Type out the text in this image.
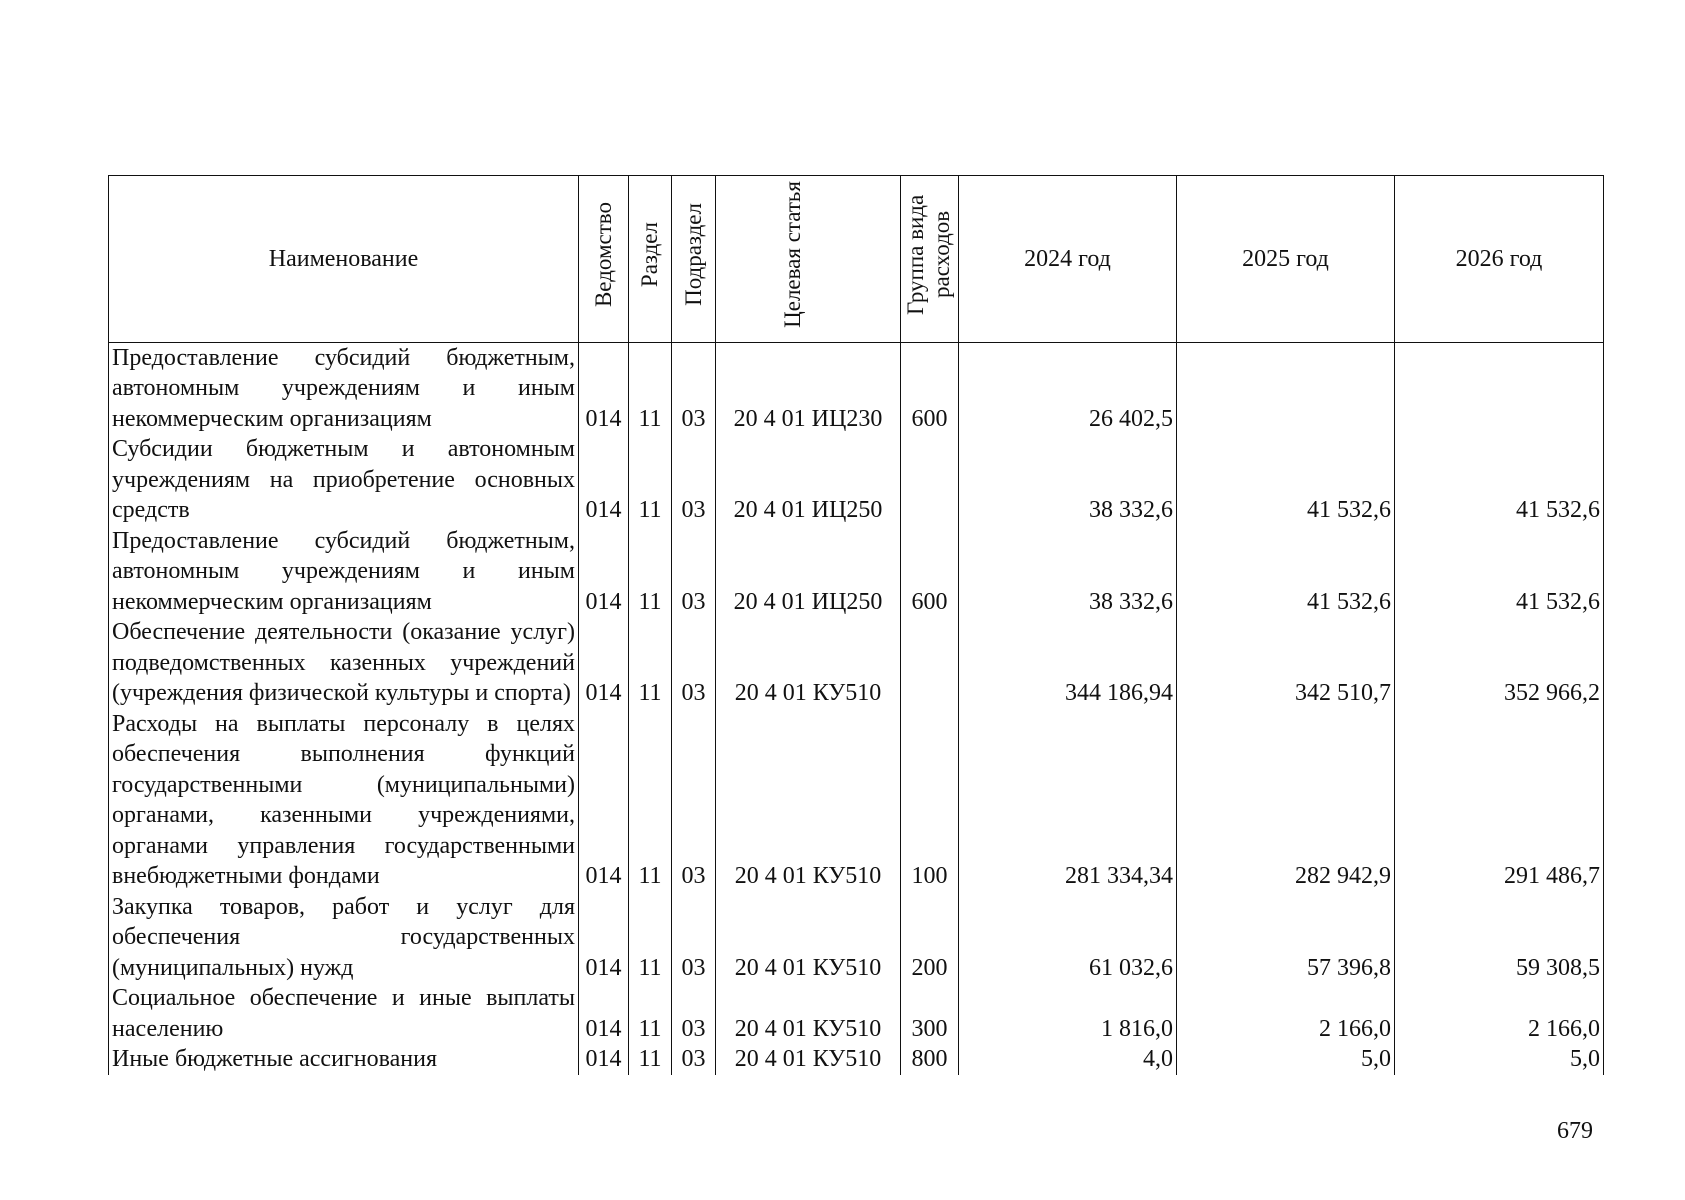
Наименование	Ведомство	Раздел	Подраздел	Целевая статья	Группа вида расходов	2024 год	2025 год	2026 год
Предоставление субсидий бюджетным, автономным учреждениям и иным некоммерческим организациям	014	11	03	20 4 01 ИЦ230	600	26 402,5		
Субсидии бюджетным и автономным учреждениям на приобретение основных средств	014	11	03	20 4 01 ИЦ250		38 332,6	41 532,6	41 532,6
Предоставление субсидий бюджетным, автономным учреждениям и иным некоммерческим организациям	014	11	03	20 4 01 ИЦ250	600	38 332,6	41 532,6	41 532,6
Обеспечение деятельности (оказание услуг) подведомственных казенных учреждений (учреждения физической культуры и спорта)	014	11	03	20 4 01 КУ510		344 186,94	342 510,7	352 966,2
Расходы на выплаты персоналу в целях обеспечения выполнения функций государственными (муниципальными) органами, казенными учреждениями, органами управления государственными внебюджетными фондами	014	11	03	20 4 01 КУ510	100	281 334,34	282 942,9	291 486,7
Закупка товаров, работ и услуг для обеспечения государственных (муниципальных) нужд	014	11	03	20 4 01 КУ510	200	61 032,6	57 396,8	59 308,5
Социальное обеспечение и иные выплаты населению	014	11	03	20 4 01 КУ510	300	1 816,0	2 166,0	2 166,0
Иные бюджетные ассигнования	014	11	03	20 4 01 КУ510	800	4,0	5,0	5,0
679
